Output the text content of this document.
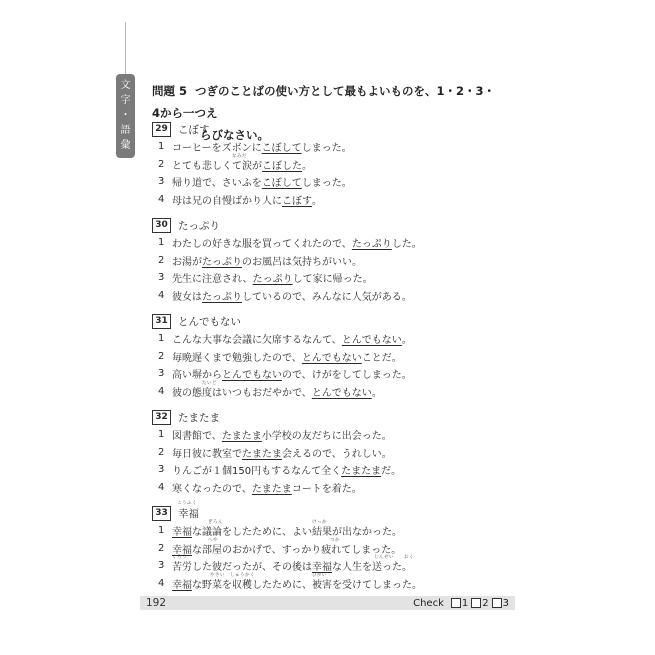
文
字
・
語
彙
問題 5 つぎのことばの使い方として最もよいものを、1・2・3・4から一つえ
らびなさい。
29 こぼす
1 コーヒーをズボンに こぼして しまった。
なみだ
2 とても悲しくて涙が こぼした 。
3 帰り道で、さいふを こぼして しまった。
4 母は兄の自慢ばかり人に こぼす 。
30 たっぷり
1 わたしの好きな服を買ってくれたので、 たっぷり した。
2 お湯が たっぷり のお風呂は気持ちがいい。
3 先生に注意され、 たっぷり して家に帰った。
4 彼女は たっぷり しているので、みんなに人気がある。
31 とんでもない
1 こんな大事な会議に欠席するなんて、 とんでもない 。
2 毎晩遅くまで勉強したので、 とんでもない ことだ。
3 高い塀から とんでもない ので、けがをしてしまった。
たいど
4 彼の態度はいつもおだやかで、 とんでもない 。
32 たまたま
1 図書館で、 たまたま 小学校の友だちに出会った。
2 毎日彼に教室で たまたま 会えるので、うれしい。
3 りんごが１個150円もするなんて全く たまたま だ。
4 寒くなったので、 たまたま コートを着た。
こうふく
33 幸福
ぎろん	けっか
1 幸福 な議論をしたために、よい結果が出なかった。
へや	つか
2 幸福 な部屋のおかげで、すっかり疲れてしまった。
くろう	じんせい おく
3 苦労した彼だったが、その後は 幸福 な人生を送った。
やさい しゅうかく	ひがい
4 幸福 な野菜を収穫したために、被害を受けてしまった。
192	Check 1 2 3
